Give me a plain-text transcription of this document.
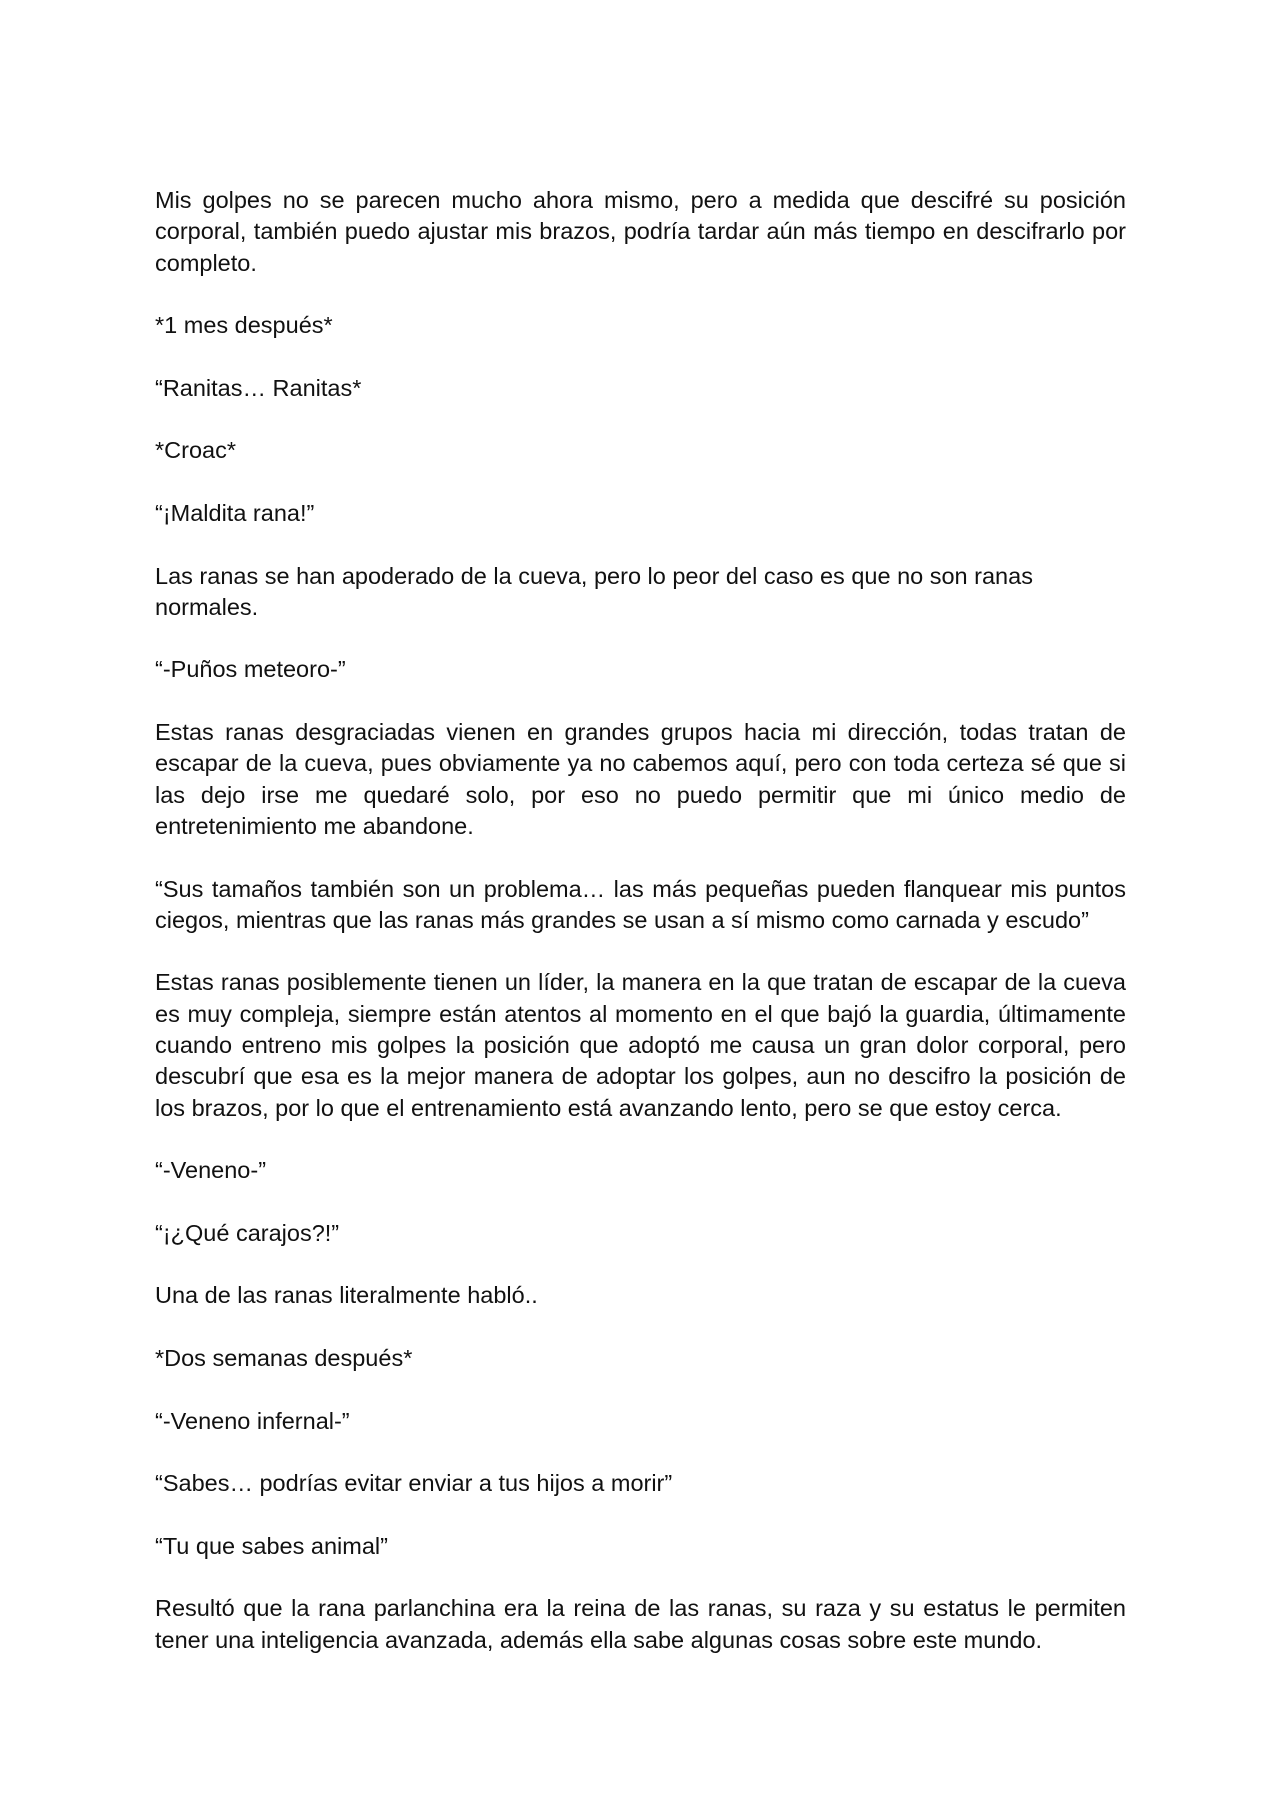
Mis golpes no se parecen mucho ahora mismo, pero a medida que descifré su posición corporal, también puedo ajustar mis brazos, podría tardar aún más tiempo en descifrarlo por completo.

*1 mes después*

“Ranitas… Ranitas*

*Croac*

“¡Maldita rana!”

Las ranas se han apoderado de la cueva, pero lo peor del caso es que no son ranas normales.

“-Puños meteoro-”

Estas ranas desgraciadas vienen en grandes grupos hacia mi dirección, todas tratan de escapar de la cueva, pues obviamente ya no cabemos aquí, pero con toda certeza sé que si las dejo irse me quedaré solo, por eso no puedo permitir que mi único medio de entretenimiento me abandone.

“Sus tamaños también son un problema… las más pequeñas pueden flanquear mis puntos ciegos, mientras que las ranas más grandes se usan a sí mismo como carnada y escudo”

Estas ranas posiblemente tienen un líder, la manera en la que tratan de escapar de la cueva es muy compleja, siempre están atentos al momento en el que bajó la guardia, últimamente cuando entreno mis golpes la posición que adoptó me causa un gran dolor corporal, pero descubrí que esa es la mejor manera de adoptar los golpes, aun no descifro la posición de los brazos, por lo que el entrenamiento está avanzando lento, pero se que estoy cerca.

“-Veneno-”

“¡¿Qué carajos?!”

Una de las ranas literalmente habló..

*Dos semanas después*

“-Veneno infernal-”

“Sabes… podrías evitar enviar a tus hijos a morir”

“Tu que sabes animal”

Resultó que la rana parlanchina era la reina de las ranas, su raza y su estatus le permiten tener una inteligencia avanzada, además ella sabe algunas cosas sobre este mundo.
